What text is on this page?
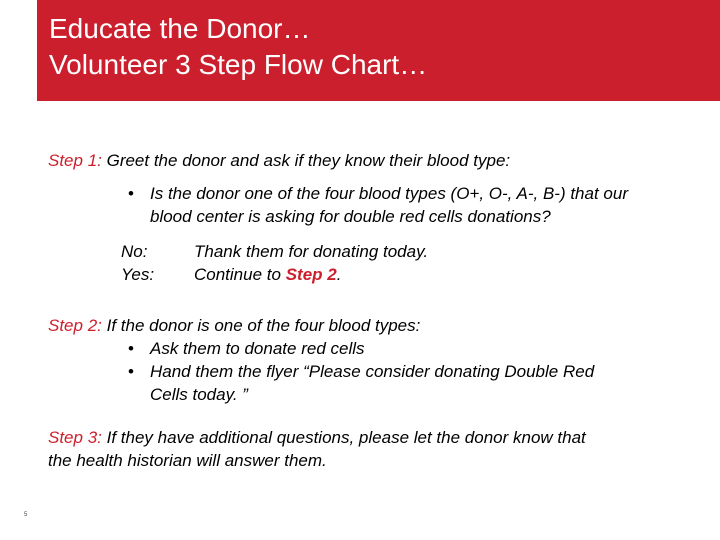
Educate the Donor…
Volunteer 3 Step Flow Chart…
Step 1: Greet the donor and ask if they know their blood type:
• Is the donor one of the four blood types (O+, O-, A-, B-) that our
blood center is asking for double red cells donations?
No:	Thank them for donating today.
Yes: Continue to Step 2.
Step 2: If the donor is one of the four blood types:
• Ask them to donate red cells
• Hand them the flyer “Please consider donating Double Red
Cells today. ”
Step 3: If they have additional questions, please let the donor know that
the health historian will answer them.
5
